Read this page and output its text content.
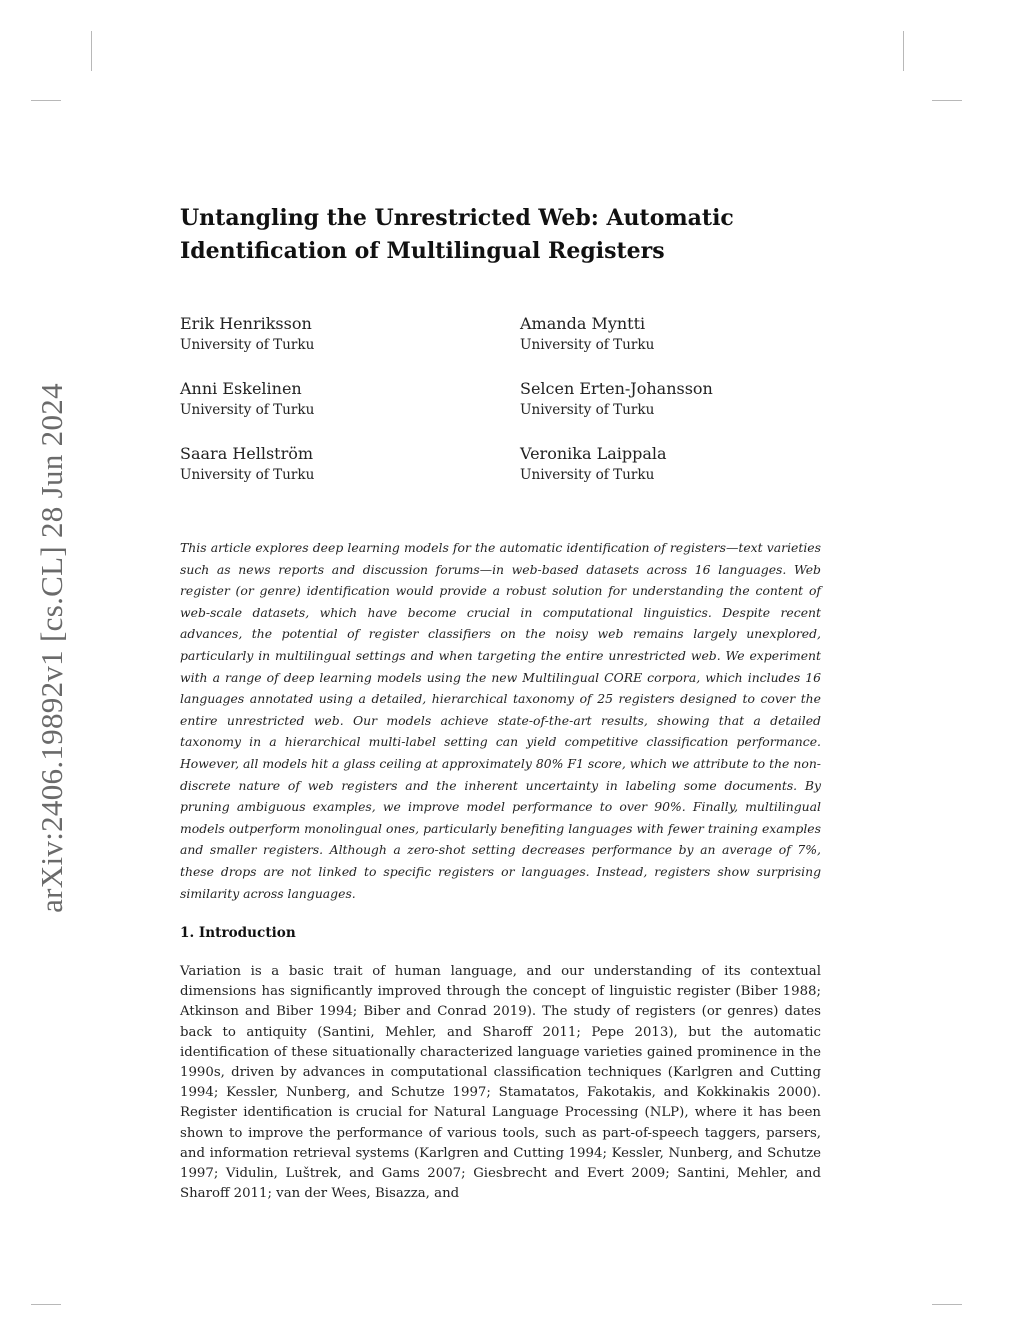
arXiv:2406.19892v1 [cs.CL] 28 Jun 2024
Untangling the Unrestricted Web: Automatic Identification of Multilingual Registers
Erik Henriksson
University of Turku
Amanda Myntti
University of Turku
Anni Eskelinen
University of Turku
Selcen Erten-Johansson
University of Turku
Saara Hellström
University of Turku
Veronika Laippala
University of Turku

This article explores deep learning models for the automatic identification of registers—text varieties such as news reports and discussion forums—in web-based datasets across 16 languages. Web register (or genre) identification would provide a robust solution for understanding the content of web-scale datasets, which have become crucial in computational linguistics. Despite recent advances, the potential of register classifiers on the noisy web remains largely unexplored, particularly in multilingual settings and when targeting the entire unrestricted web. We experiment with a range of deep learning models using the new Multilingual CORE corpora, which includes 16 languages annotated using a detailed, hierarchical taxonomy of 25 registers designed to cover the entire unrestricted web. Our models achieve state-of-the-art results, showing that a detailed taxonomy in a hierarchical multi-label setting can yield competitive classification performance. However, all models hit a glass ceiling at approximately 80% F1 score, which we attribute to the non-discrete nature of web registers and the inherent uncertainty in labeling some documents. By pruning ambiguous examples, we improve model performance to over 90%. Finally, multilingual models outperform monolingual ones, particularly benefiting languages with fewer training examples and smaller registers. Although a zero-shot setting decreases performance by an average of 7%, these drops are not linked to specific registers or languages. Instead, registers show surprising similarity across languages.

1. Introduction

Variation is a basic trait of human language, and our understanding of its contextual dimensions has significantly improved through the concept of linguistic register (Biber 1988; Atkinson and Biber 1994; Biber and Conrad 2019). The study of registers (or genres) dates back to antiquity (Santini, Mehler, and Sharoff 2011; Pepe 2013), but the automatic identification of these situationally characterized language varieties gained prominence in the 1990s, driven by advances in computational classification techniques (Karlgren and Cutting 1994; Kessler, Nunberg, and Schutze 1997; Stamatatos, Fakotakis, and Kokkinakis 2000). Register identification is crucial for Natural Language Processing (NLP), where it has been shown to improve the performance of various tools, such as part-of-speech taggers, parsers, and information retrieval systems (Karlgren and Cutting 1994; Kessler, Nunberg, and Schutze 1997; Vidulin, Luštrek, and Gams 2007; Giesbrecht and Evert 2009; Santini, Mehler, and Sharoff 2011; van der Wees, Bisazza, and
